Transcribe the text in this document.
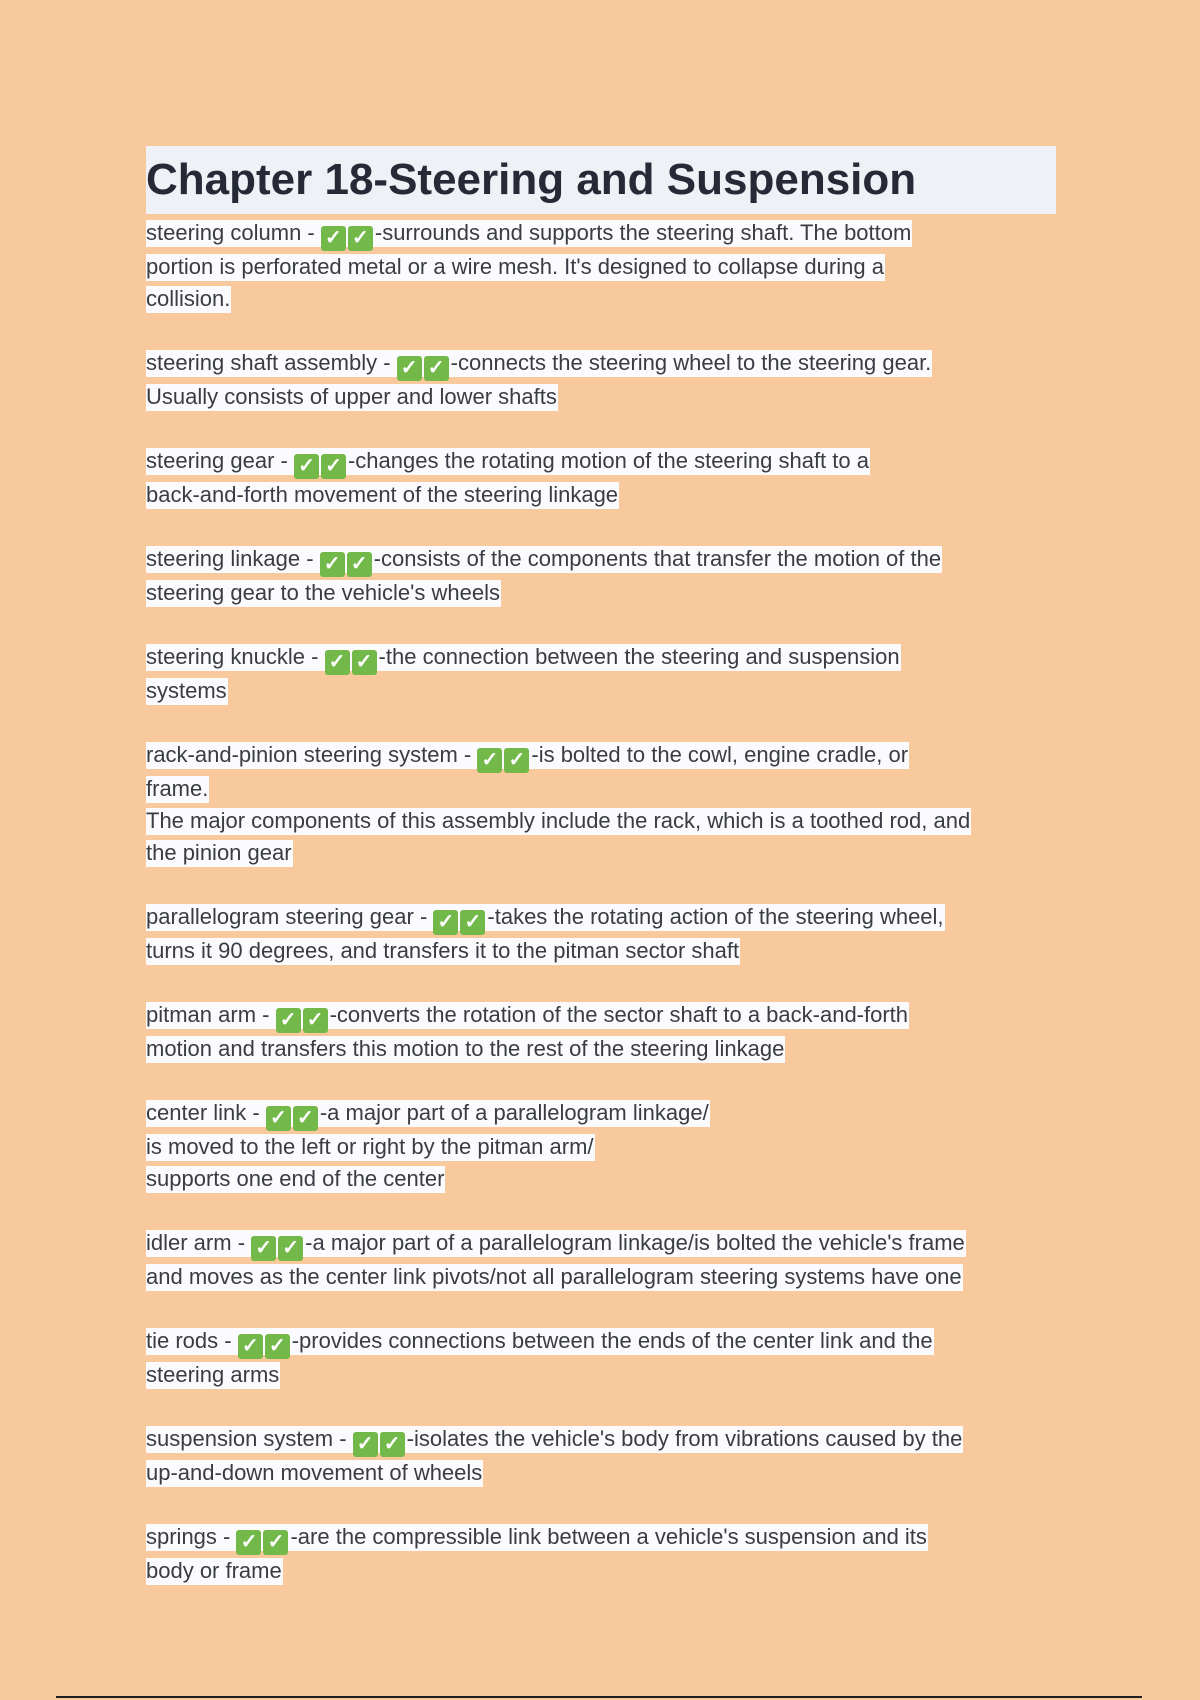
Chapter 18-Steering and Suspension
steering column - ✓ ✓ -surrounds and supports the steering shaft. The bottom
portion is perforated metal or a wire mesh. It's designed to collapse during a
collision.
steering shaft assembly - ✓ ✓ -connects the steering wheel to the steering gear.
Usually consists of upper and lower shafts
steering gear - ✓ ✓ -changes the rotating motion of the steering shaft to a
back-and-forth movement of the steering linkage
steering linkage - ✓ ✓ -consists of the components that transfer the motion of the
steering gear to the vehicle's wheels
steering knuckle - ✓ ✓ -the connection between the steering and suspension
systems
rack-and-pinion steering system - ✓ ✓ -is bolted to the cowl, engine cradle, or
frame.
The major components of this assembly include the rack, which is a toothed rod, and
the pinion gear
parallelogram steering gear - ✓ ✓ -takes the rotating action of the steering wheel,
turns it 90 degrees, and transfers it to the pitman sector shaft
pitman arm - ✓ ✓ -converts the rotation of the sector shaft to a back-and-forth
motion and transfers this motion to the rest of the steering linkage
center link - ✓ ✓ -a major part of a parallelogram linkage/
is moved to the left or right by the pitman arm/
supports one end of the center
idler arm - ✓ ✓ -a major part of a parallelogram linkage/is bolted the vehicle's frame
and moves as the center link pivots/not all parallelogram steering systems have one
tie rods - ✓ ✓ -provides connections between the ends of the center link and the
steering arms
suspension system - ✓ ✓ -isolates the vehicle's body from vibrations caused by the
up-and-down movement of wheels
springs - ✓ ✓ -are the compressible link between a vehicle's suspension and its
body or frame
